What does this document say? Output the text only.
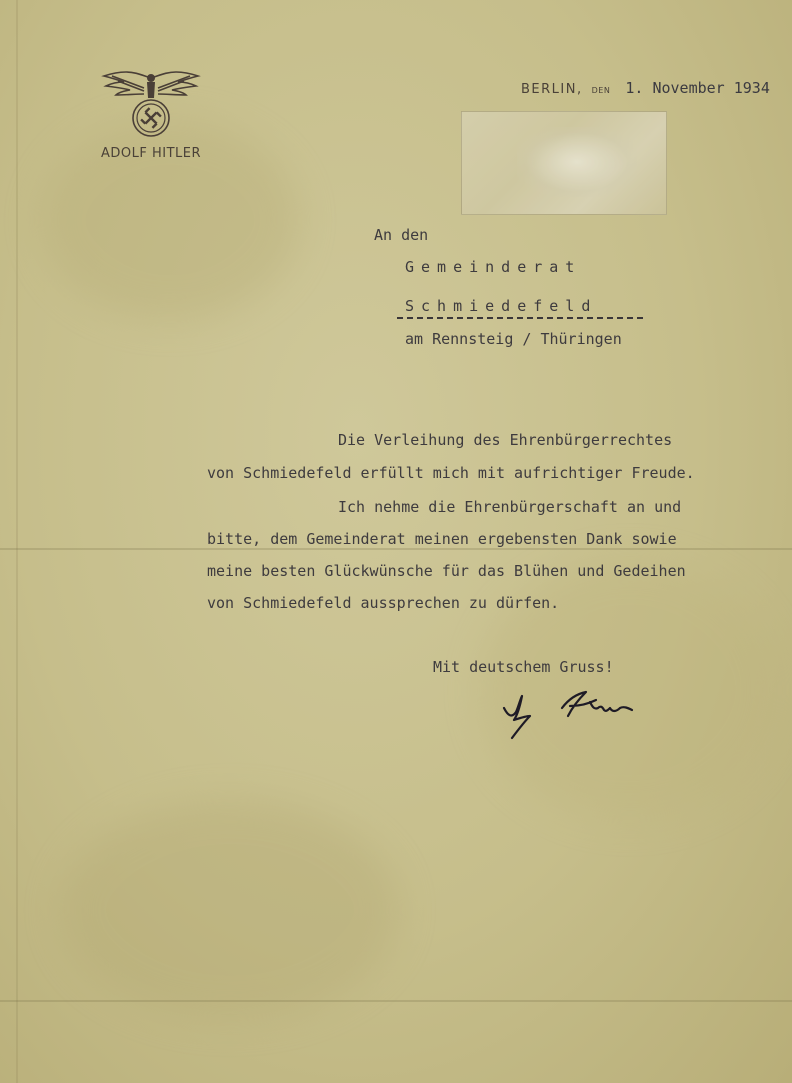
ADOLF HITLER
BERLIN, DEN 1. November 1934
An den
Gemeinderat
Schmiedefeld
am Rennsteig / Thüringen
Die Verleihung des Ehrenbürgerrechtes
von Schmiedefeld erfüllt mich mit aufrichtiger Freude.
Ich nehme die Ehrenbürgerschaft an und
bitte, dem Gemeinderat meinen ergebensten Dank sowie
meine besten Glückwünsche für das Blühen und Gedeihen
von Schmiedefeld aussprechen zu dürfen.
Mit deutschem Gruss!
